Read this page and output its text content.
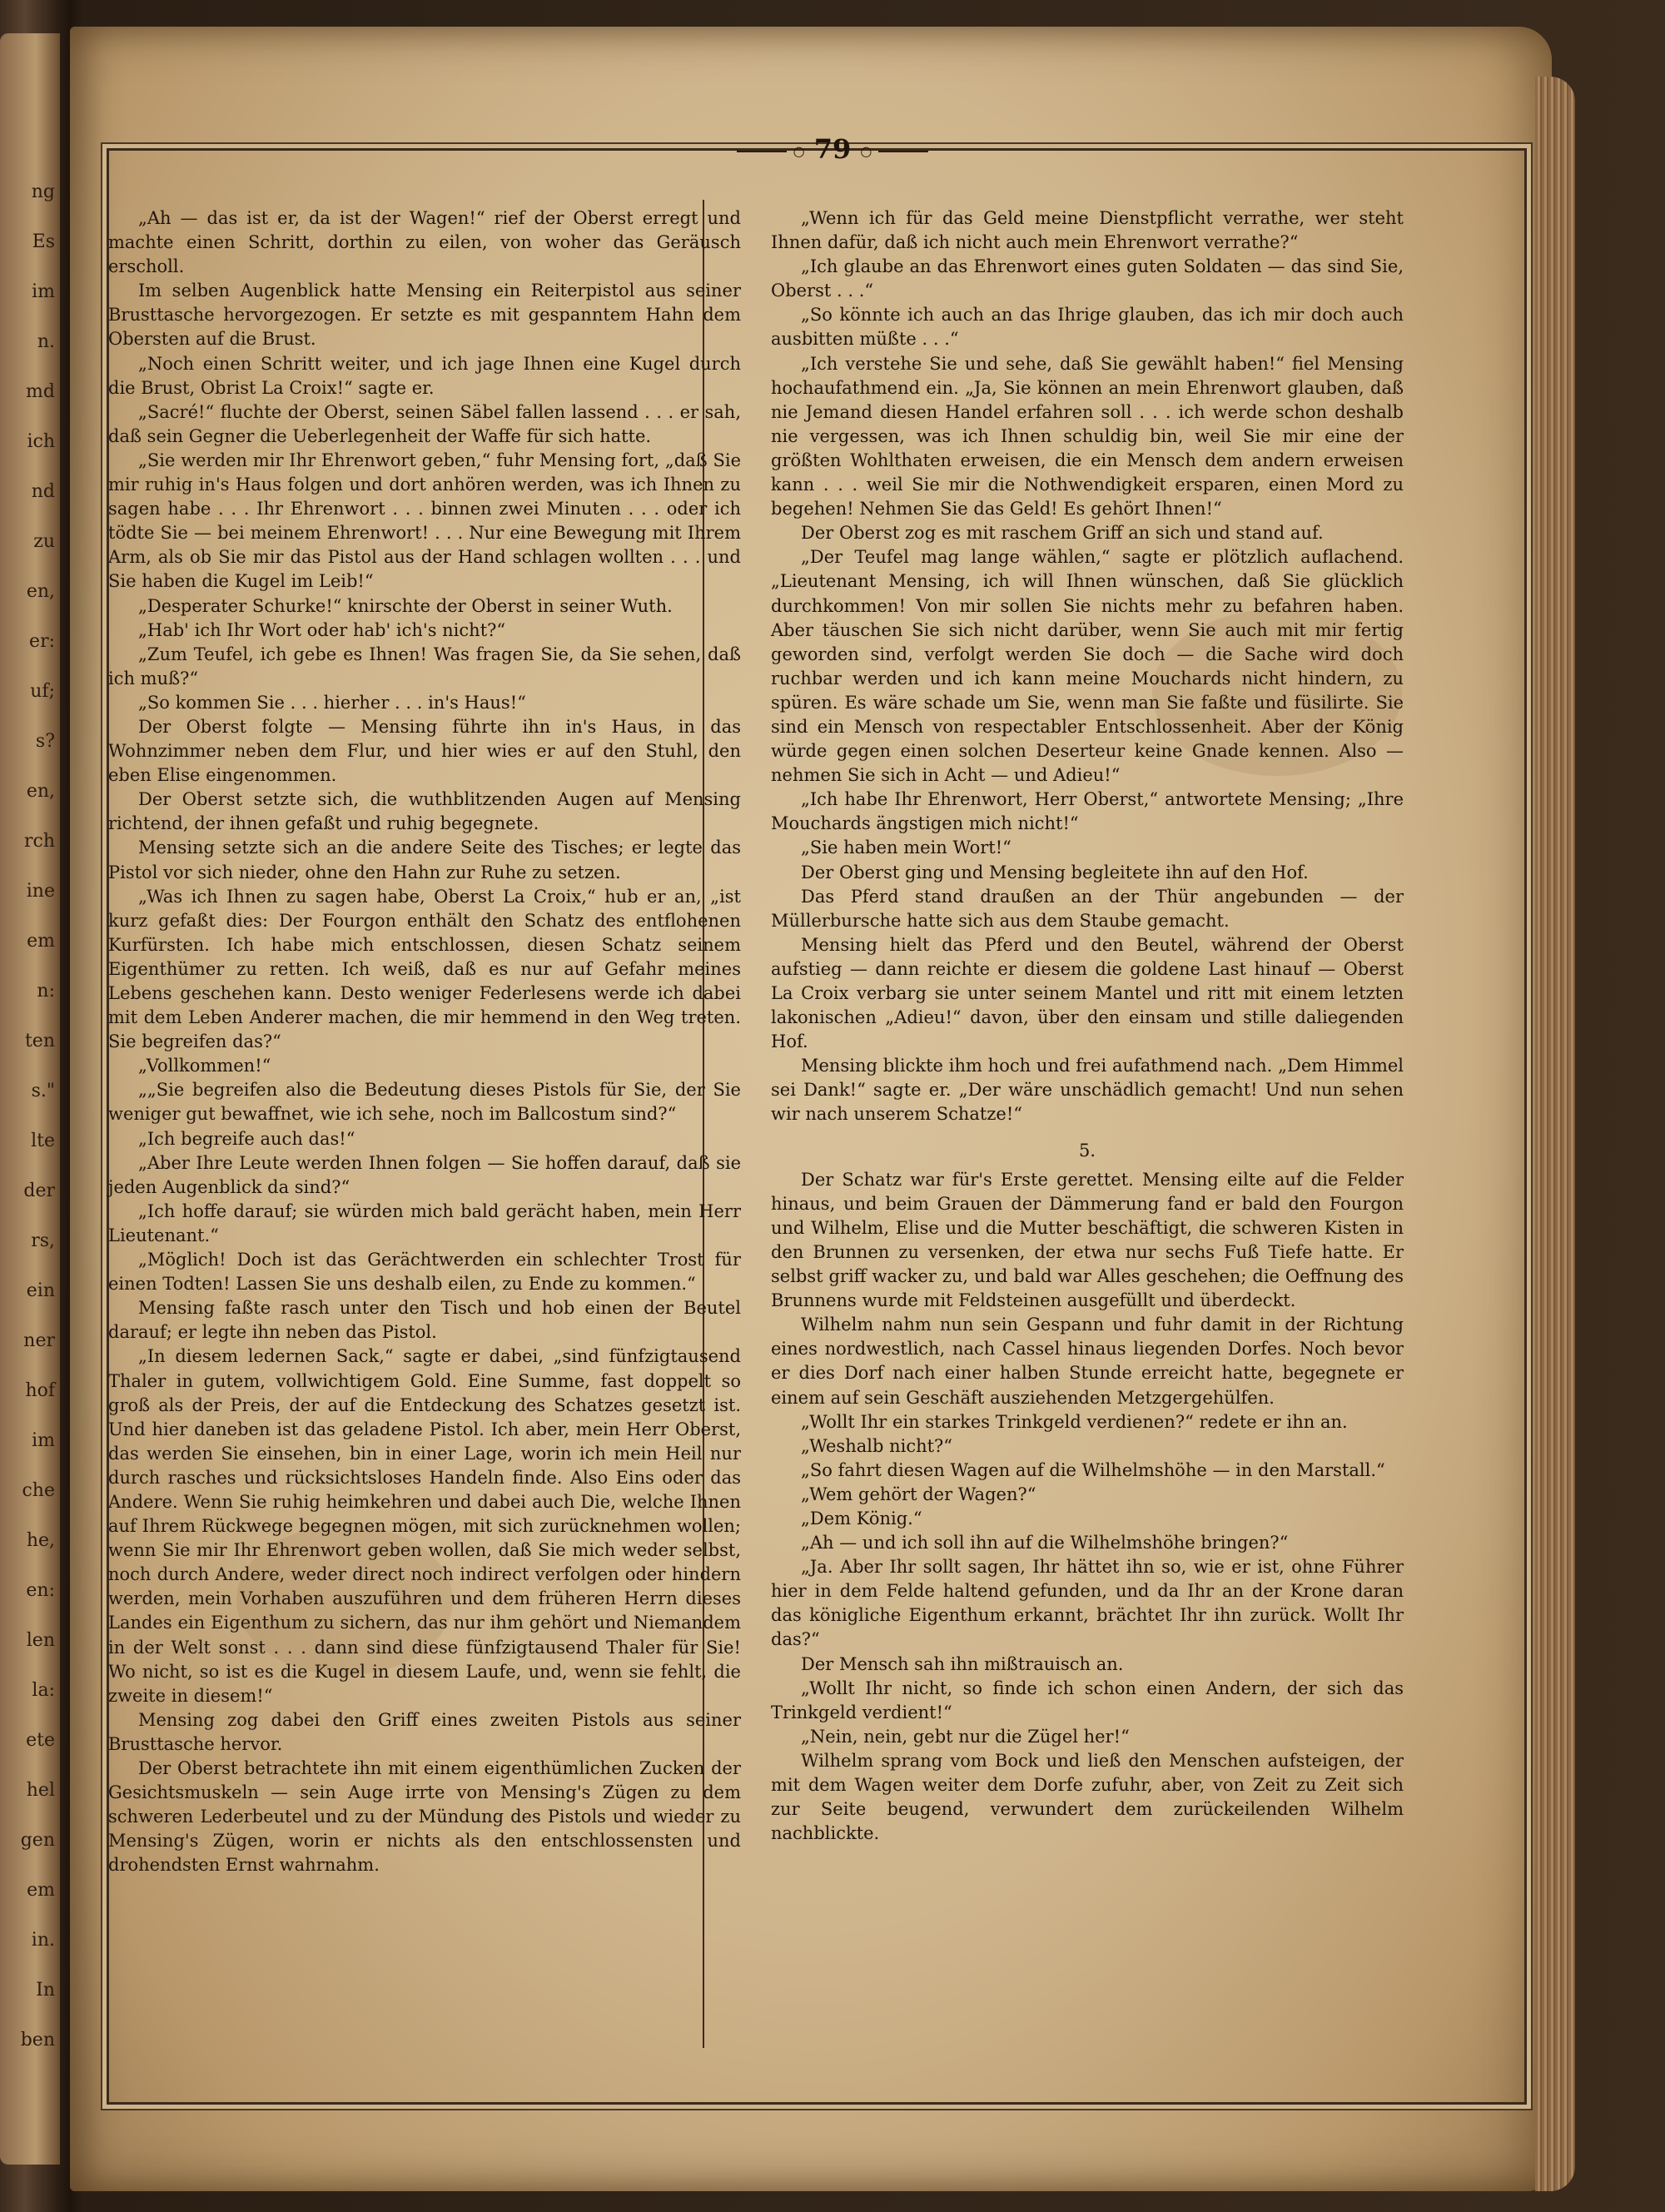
ng
Es
im
n.
md
ich
nd
zu
en,
er:
uf;
s?
en,
rch
ine
em
n:
ten
s."
lte
der
rs,
ein
ner
hof
im
che
he,
en:
len
la:
ete
hel
gen
em
in.
In
ben
○ 79 ○

„Ah — das ist er, da ist der Wagen!“ rief der Oberst erregt und machte einen Schritt, dorthin zu eilen, von woher das Geräusch erscholl.

Im selben Augenblick hatte Mensing ein Reiterpistol aus seiner Brusttasche hervorgezogen. Er setzte es mit gespanntem Hahn dem Obersten auf die Brust.

„Noch einen Schritt weiter, und ich jage Ihnen eine Kugel durch die Brust, Obrist La Croix!“ sagte er.

„Sacré!“ fluchte der Oberst, seinen Säbel fallen lassend . . . er sah, daß sein Gegner die Ueberlegenheit der Waffe für sich hatte.

„Sie werden mir Ihr Ehrenwort geben,“ fuhr Mensing fort, „daß Sie mir ruhig in's Haus folgen und dort anhören werden, was ich Ihnen zu sagen habe . . . Ihr Ehrenwort . . . binnen zwei Minuten . . . oder ich tödte Sie — bei meinem Ehrenwort! . . . Nur eine Bewegung mit Ihrem Arm, als ob Sie mir das Pistol aus der Hand schlagen wollten . . . und Sie haben die Kugel im Leib!“

„Desperater Schurke!“ knirschte der Oberst in seiner Wuth.

„Hab' ich Ihr Wort oder hab' ich's nicht?“

„Zum Teufel, ich gebe es Ihnen! Was fragen Sie, da Sie sehen, daß ich muß?“

„So kommen Sie . . . hierher . . . in's Haus!“

Der Oberst folgte — Mensing führte ihn in's Haus, in das Wohnzimmer neben dem Flur, und hier wies er auf den Stuhl, den eben Elise eingenommen.

Der Oberst setzte sich, die wuthblitzenden Augen auf Mensing richtend, der ihnen gefaßt und ruhig begegnete.

Mensing setzte sich an die andere Seite des Tisches; er legte das Pistol vor sich nieder, ohne den Hahn zur Ruhe zu setzen.

„Was ich Ihnen zu sagen habe, Oberst La Croix,“ hub er an, „ist kurz gefaßt dies: Der Fourgon enthält den Schatz des entflohenen Kurfürsten. Ich habe mich entschlossen, diesen Schatz seinem Eigenthümer zu retten. Ich weiß, daß es nur auf Gefahr meines Lebens geschehen kann. Desto weniger Federlesens werde ich dabei mit dem Leben Anderer machen, die mir hemmend in den Weg treten. Sie begreifen das?“

„Vollkommen!“

„„Sie begreifen also die Bedeutung dieses Pistols für Sie, der Sie weniger gut bewaffnet, wie ich sehe, noch im Ballcostum sind?“

„Ich begreife auch das!“

„Aber Ihre Leute werden Ihnen folgen — Sie hoffen darauf, daß sie jeden Augenblick da sind?“

„Ich hoffe darauf; sie würden mich bald gerächt haben, mein Herr Lieutenant.“

„Möglich! Doch ist das Gerächtwerden ein schlechter Trost für einen Todten! Lassen Sie uns deshalb eilen, zu Ende zu kommen.“

Mensing faßte rasch unter den Tisch und hob einen der Beutel darauf; er legte ihn neben das Pistol.

„In diesem ledernen Sack,“ sagte er dabei, „sind fünfzigtausend Thaler in gutem, vollwichtigem Gold. Eine Summe, fast doppelt so groß als der Preis, der auf die Entdeckung des Schatzes gesetzt ist. Und hier daneben ist das geladene Pistol. Ich aber, mein Herr Oberst, das werden Sie einsehen, bin in einer Lage, worin ich mein Heil nur durch rasches und rücksichtsloses Handeln finde. Also Eins oder das Andere. Wenn Sie ruhig heimkehren und dabei auch Die, welche Ihnen auf Ihrem Rückwege begegnen mögen, mit sich zurücknehmen wollen; wenn Sie mir Ihr Ehrenwort geben wollen, daß Sie mich weder selbst, noch durch Andere, weder direct noch indirect verfolgen oder hindern werden, mein Vorhaben auszuführen und dem früheren Herrn dieses Landes ein Eigenthum zu sichern, das nur ihm gehört und Niemandem in der Welt sonst . . . dann sind diese fünfzigtausend Thaler für Sie! Wo nicht, so ist es die Kugel in diesem Laufe, und, wenn sie fehlt, die zweite in diesem!“

Mensing zog dabei den Griff eines zweiten Pistols aus seiner Brusttasche hervor.

Der Oberst betrachtete ihn mit einem eigenthümlichen Zucken der Gesichtsmuskeln — sein Auge irrte von Mensing's Zügen zu dem schweren Lederbeutel und zu der Mündung des Pistols und wieder zu Mensing's Zügen, worin er nichts als den entschlossensten und drohendsten Ernst wahrnahm.

„Wenn ich für das Geld meine Dienstpflicht verrathe, wer steht Ihnen dafür, daß ich nicht auch mein Ehrenwort verrathe?“

„Ich glaube an das Ehrenwort eines guten Soldaten — das sind Sie, Oberst . . .“

„So könnte ich auch an das Ihrige glauben, das ich mir doch auch ausbitten müßte . . .“

„Ich verstehe Sie und sehe, daß Sie gewählt haben!“ fiel Mensing hochaufathmend ein. „Ja, Sie können an mein Ehrenwort glauben, daß nie Jemand diesen Handel erfahren soll . . . ich werde schon deshalb nie vergessen, was ich Ihnen schuldig bin, weil Sie mir eine der größten Wohlthaten erweisen, die ein Mensch dem andern erweisen kann . . . weil Sie mir die Nothwendigkeit ersparen, einen Mord zu begehen! Nehmen Sie das Geld! Es gehört Ihnen!“

Der Oberst zog es mit raschem Griff an sich und stand auf.

„Der Teufel mag lange wählen,“ sagte er plötzlich auflachend. „Lieutenant Mensing, ich will Ihnen wünschen, daß Sie glücklich durchkommen! Von mir sollen Sie nichts mehr zu befahren haben. Aber täuschen Sie sich nicht darüber, wenn Sie auch mit mir fertig geworden sind, verfolgt werden Sie doch — die Sache wird doch ruchbar werden und ich kann meine Mouchards nicht hindern, zu spüren. Es wäre schade um Sie, wenn man Sie faßte und füsilirte. Sie sind ein Mensch von respectabler Entschlossenheit. Aber der König würde gegen einen solchen Deserteur keine Gnade kennen. Also — nehmen Sie sich in Acht — und Adieu!“

„Ich habe Ihr Ehrenwort, Herr Oberst,“ antwortete Mensing; „Ihre Mouchards ängstigen mich nicht!“

„Sie haben mein Wort!“

Der Oberst ging und Mensing begleitete ihn auf den Hof.

Das Pferd stand draußen an der Thür angebunden — der Müllerbursche hatte sich aus dem Staube gemacht.

Mensing hielt das Pferd und den Beutel, während der Oberst aufstieg — dann reichte er diesem die goldene Last hinauf — Oberst La Croix verbarg sie unter seinem Mantel und ritt mit einem letzten lakonischen „Adieu!“ davon, über den einsam und stille daliegenden Hof.

Mensing blickte ihm hoch und frei aufathmend nach. „Dem Himmel sei Dank!“ sagte er. „Der wäre unschädlich gemacht! Und nun sehen wir nach unserem Schatze!“

5.

Der Schatz war für's Erste gerettet. Mensing eilte auf die Felder hinaus, und beim Grauen der Dämmerung fand er bald den Fourgon und Wilhelm, Elise und die Mutter beschäftigt, die schweren Kisten in den Brunnen zu versenken, der etwa nur sechs Fuß Tiefe hatte. Er selbst griff wacker zu, und bald war Alles geschehen; die Oeffnung des Brunnens wurde mit Feldsteinen ausgefüllt und überdeckt.

Wilhelm nahm nun sein Gespann und fuhr damit in der Richtung eines nordwestlich, nach Cassel hinaus liegenden Dorfes. Noch bevor er dies Dorf nach einer halben Stunde erreicht hatte, begegnete er einem auf sein Geschäft ausziehenden Metzgergehülfen.

„Wollt Ihr ein starkes Trinkgeld verdienen?“ redete er ihn an.

„Weshalb nicht?“

„So fahrt diesen Wagen auf die Wilhelmshöhe — in den Marstall.“

„Wem gehört der Wagen?“

„Dem König.“

„Ah — und ich soll ihn auf die Wilhelmshöhe bringen?“

„Ja. Aber Ihr sollt sagen, Ihr hättet ihn so, wie er ist, ohne Führer hier in dem Felde haltend gefunden, und da Ihr an der Krone daran das königliche Eigenthum erkannt, brächtet Ihr ihn zurück. Wollt Ihr das?“

Der Mensch sah ihn mißtrauisch an.

„Wollt Ihr nicht, so finde ich schon einen Andern, der sich das Trinkgeld verdient!“

„Nein, nein, gebt nur die Zügel her!“

Wilhelm sprang vom Bock und ließ den Menschen aufsteigen, der mit dem Wagen weiter dem Dorfe zufuhr, aber, von Zeit zu Zeit sich zur Seite beugend, verwundert dem zurückeilenden Wilhelm nachblickte.
